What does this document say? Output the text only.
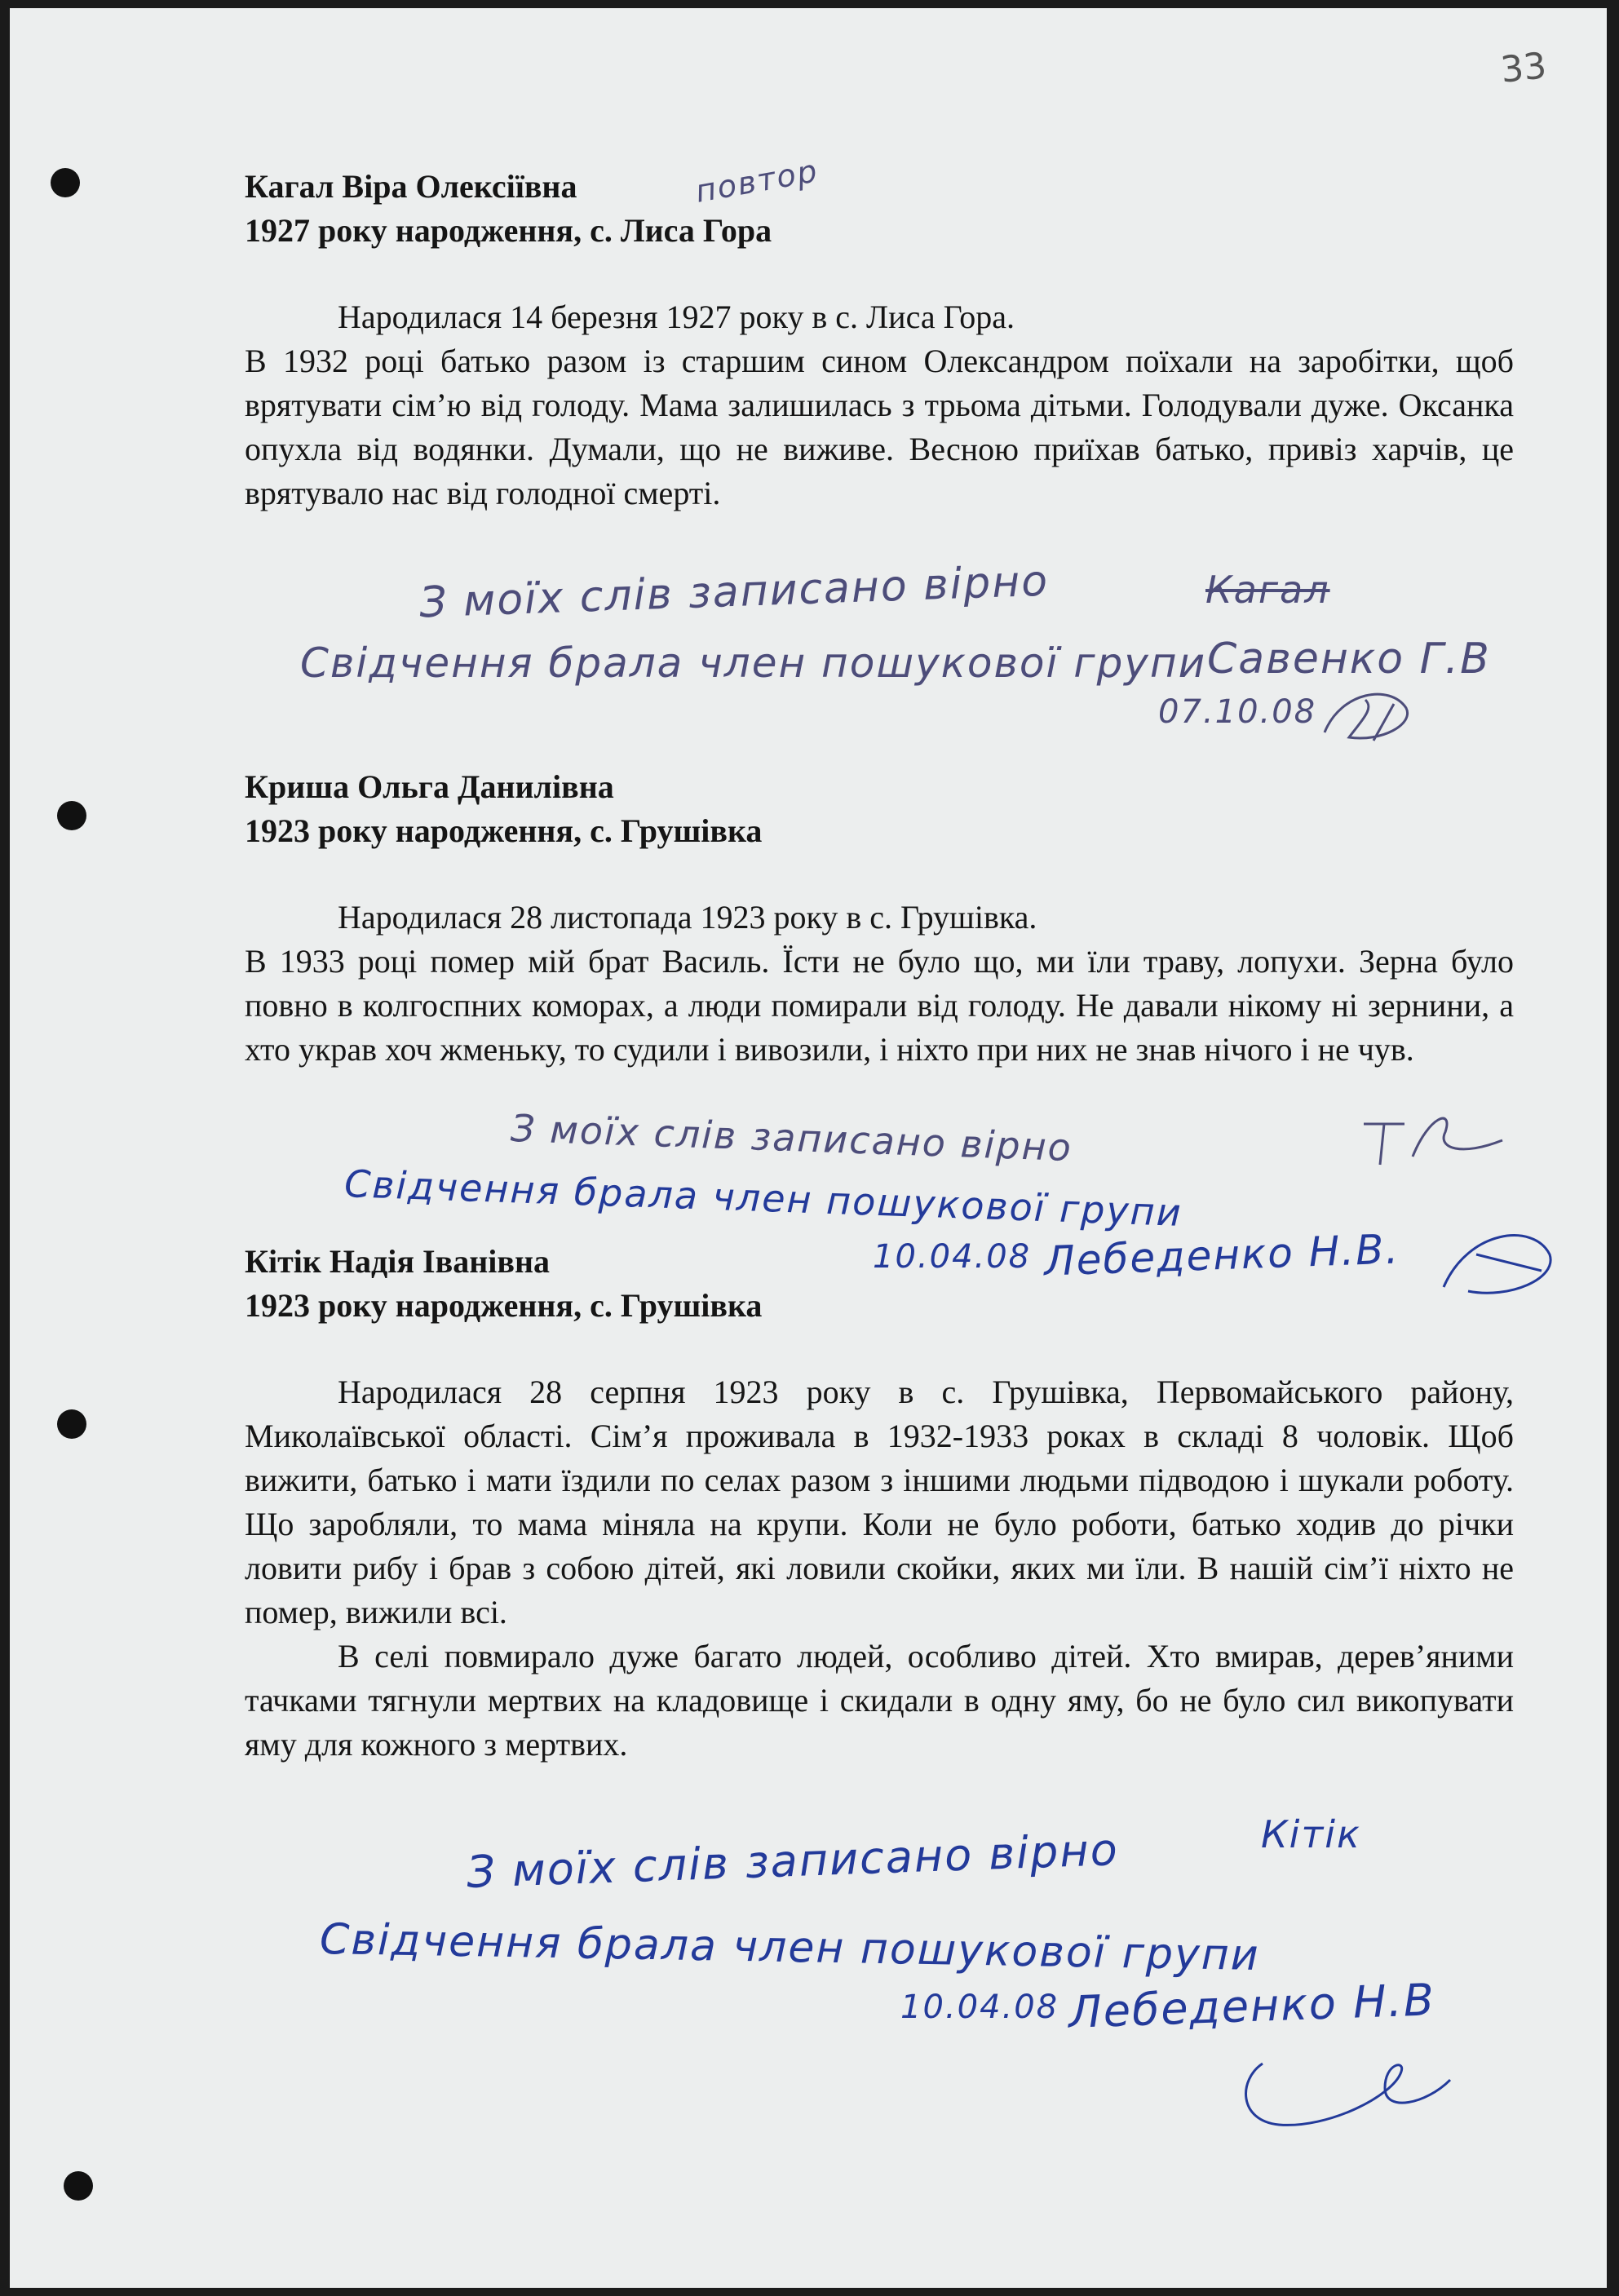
33
Кагал Віра Олексіївна
1927 року народження, с. Лиса Гора

Народилася 14 березня 1927 року в с. Лиса Гора.

В 1932 році батько разом із старшим сином Олександром поїхали на заробітки, щоб врятувати сім’ю від голоду. Мама залишилась з трьома дітьми. Голодували дуже. Оксанка опухла від водянки. Думали, що не виживе. Весною приїхав батько, привіз харчів, це врятувало нас від голодної смерті.

повтор
З моїх слів записано вірно	Кагал
Свідчення брала член пошукової групи Савенко Г.В
07.10.08
Криша Ольга Данилівна
1923 року народження, с. Грушівка

Народилася 28 листопада 1923 року в с. Грушівка.

В 1933 році помер мій брат Василь. Їсти не було що, ми їли траву, лопухи. Зерна було повно в колгоспних коморах, а люди помирали від голоду. Не давали нікому ні зернини, а хто украв хоч жменьку, то судили і вивозили, і ніхто при них не знав нічого і не чув.

З моїх слів записано вірно
Свідчення брала член пошукової групи
10.04.08 Лебеденко Н.В.
Кітік Надія Іванівна
1923 року народження, с. Грушівка

Народилася 28 серпня 1923 року в с. Грушівка, Первомайського району, Миколаївської області. Сім’я проживала в 1932-1933 роках в складі 8 чоловік. Щоб вижити, батько і мати їздили по селах разом з іншими людьми підводою і шукали роботу. Що заробляли, то мама міняла на крупи. Коли не було роботи, батько ходив до річки ловити рибу і брав з собою дітей, які ловили скойки, яких ми їли. В нашій сім’ї ніхто не помер, вижили всі.

В селі повмирало дуже багато людей, особливо дітей. Хто вмирав, дерев’яними тачками тягнули мертвих на кладовище і скидали в одну яму, бо не було сил викопувати яму для кожного з мертвих.

З моїх слів записано вірно	Кітік
Свідчення брала член пошукової групи
10.04.08 Лебеденко Н.В
